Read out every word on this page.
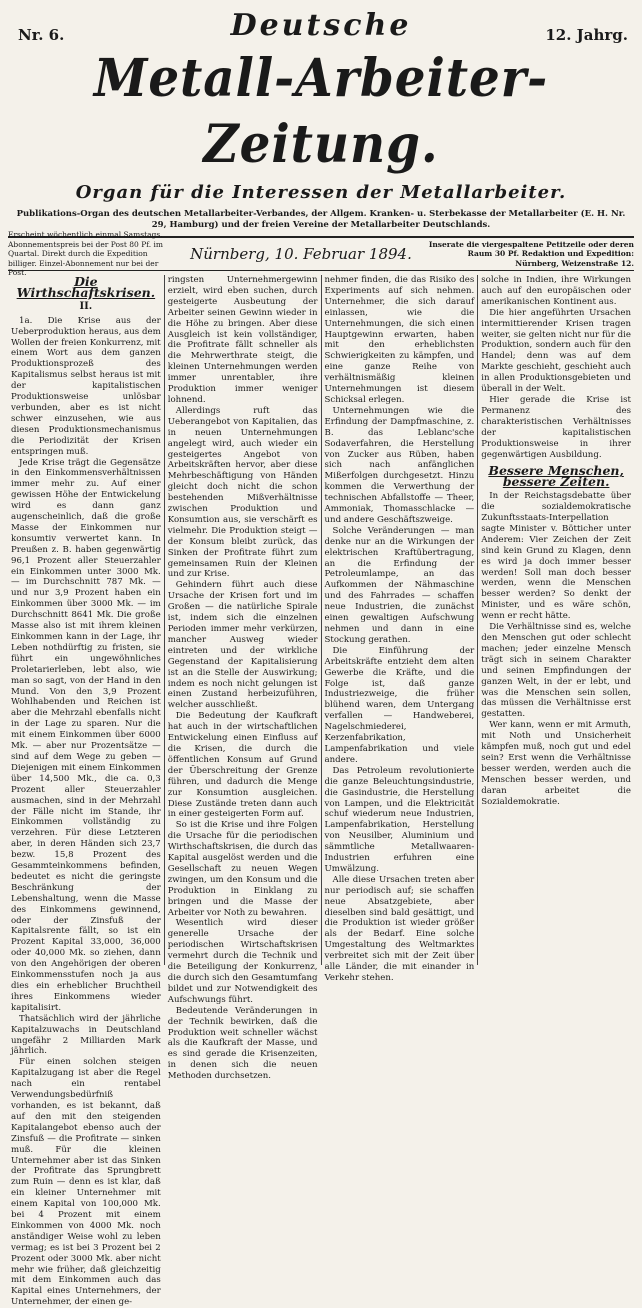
Nr. 6.	Deutsche	12. Jahrg.
Metall-Arbeiter-Zeitung.
Organ für die Interessen der Metallarbeiter.
Publikations-Organ des deutschen Metallarbeiter-Verbandes, der Allgem. Kranken- u. Sterbekasse der Metallarbeiter (E. H. Nr. 29, Hamburg) und der freien Vereine der Metallarbeiter Deutschlands.
Erscheint wöchentlich einmal Samstags. Abonnementspreis bei der Post 80 Pf. im Quartal. Direkt durch die Expedition billiger. Einzel-Abonnement nur bei der Post.
Nürnberg, 10. Februar 1894.
Inserate die viergespaltene Petitzeile oder deren Raum 30 Pf. Redaktion und Expedition: Nürnberg, Weizenstraße 12.
Die Wirthschaftskrisen.
II.

1a. Die Krise aus der Ueberproduktion heraus, aus dem Wollen der freien Konkurrenz, mit einem Wort aus dem ganzen Produktionsprozeß des Kapitalismus selbst heraus ist mit der kapitalistischen Produktionsweise unlösbar verbunden, aber es ist nicht schwer einzusehen, wie aus diesen Produktionsmechanismus die Periodizität der Krisen entspringen muß.

Jede Krise trägt die Gegensätze in den Einkommensverhältnissen immer mehr zu. Auf einer gewissen Höhe der Entwickelung wird es dann ganz augenscheinlich, daß die große Masse der Einkommen nur konsumtiv verwertet kann. In Preußen z. B. haben gegenwärtig 96,1 Prozent aller Steuerzahler ein Einkommen unter 3000 Mk. — im Durchschnitt 787 Mk. — und nur 3,9 Prozent haben ein Einkommen über 3000 Mk. — im Durchschnitt 8641 Mk. Die große Masse also ist mit ihrem kleinen Einkommen kann in der Lage, ihr Leben nothdürftig zu fristen, sie führt ein ungewöhnliches Proletarierleben, lebt also, wie man so sagt, von der Hand in den Mund. Von den 3,9 Prozent Wohlhabenden und Reichen ist aber die Mehrzahl ebenfalls nicht in der Lage zu sparen. Nur die mit einem Einkommen über 6000 Mk. — aber nur Prozentsätze — sind auf dem Wege zu geben — Diejenigen mit einem Einkommen über 14,500 Mk., die ca. 0,3 Prozent aller Steuerzahler ausmachen, sind in der Mehrzahl der Fälle nicht im Stande, ihr Einkommen vollständig zu verzehren. Für diese Letzteren aber, in deren Händen sich 23,7 bezw. 15,8 Prozent des Gesammteinkommens befinden, bedeutet es nicht die geringste Beschränkung der Lebenshaltung, wenn die Masse des Einkommens gewinnend, oder der Zinsfuß der Kapitalsrente fällt, so ist ein Prozent Kapital 33,000, 36,000 oder 40,000 Mk. so ziehen, dann von den Angehörigen der oberen Einkommensstufen noch ja aus dies ein erheblicher Bruchtheil ihres Einkommens wieder kapitalisirt.

Thatsächlich wird der jährliche Kapitalzuwachs in Deutschland ungefähr 2 Milliarden Mark jährlich.

Für einen solchen steigen Kapitalzugang ist aber die Regel nach ein rentabel Verwendungsbedürfniß vorhanden, es ist bekannt, daß auf den mit den steigenden Kapitalangebot ebenso auch der Zinsfuß — die Profitrate — sinken muß. Für die kleinen Unternehmer aber ist das Sinken der Profitrate das Sprungbrett zum Ruin — denn es ist klar, daß ein kleiner Unternehmer mit einem Kapital von 100,000 Mk. bei 4 Prozent mit einem Einkommen von 4000 Mk. noch anständiger Weise wohl zu leben vermag; es ist bei 3 Prozent bei 2 Prozent oder 3000 Mk. aber nicht mehr wie früher, daß gleichzeitig mit dem Einkommen auch das Kapital eines Unternehmers, der Unternehmer, der einen ge-

ringsten Unternehmergewinn erzielt, wird eben suchen, durch gesteigerte Ausbeutung der Arbeiter seinen Gewinn wieder in die Höhe zu bringen. Aber diese Ausgleich ist kein vollständiger, die Profitrate fällt schneller als die Mehrwerthrate steigt, die kleinen Unternehmungen werden immer unrentabler, ihre Produktion immer weniger lohnend.

Allerdings ruft das Ueberangebot von Kapitalien, das in neuen Unternehmungen angelegt wird, auch wieder ein gesteigertes Angebot von Arbeitskräften hervor, aber diese Mehrbeschäftigung von Händen gleicht doch nicht die schon bestehenden Mißverhältnisse zwischen Produktion und Konsumtion aus, sie verschärft es vielmehr. Die Produktion steigt — der Konsum bleibt zurück, das Sinken der Profitrate führt zum gemeinsamen Ruin der Kleinen und zur Krise.

Gehindern führt auch diese Ursache der Krisen fort und im Großen — die natürliche Spirale ist, indem sich die einzelnen Perioden immer mehr verkürzen, mancher Ausweg wieder eintreten und der wirkliche Gegenstand der Kapitalisierung ist an die Stelle der Auswirkung; indem es noch nicht gelungen ist einen Zustand herbeizuführen, welcher ausschließt.

Die Bedeutung der Kaufkraft hat auch in der wirtschaftlichen Entwickelung einen Einfluss auf die Krisen, die durch die öffentlichen Konsum auf Grund der Überschreitung der Grenze führen, und dadurch die Menge zur Konsumtion ausgleichen. Diese Zustände treten dann auch in einer gesteigerten Form auf.

So ist die Krise und ihre Folgen die Ursache für die periodischen Wirthschaftskrisen, die durch das Kapital ausgelöst werden und die Gesellschaft zu neuen Wegen zwingen, um den Konsum und die Produktion in Einklang zu bringen und die Masse der Arbeiter vor Noth zu bewahren.

Wesentlich wird dieser generelle Ursache der periodischen Wirtschaftskrisen vermehrt durch die Technik und die Beteiligung der Konkurrenz, die durch sich den Gesamtumfang bildet und zur Notwendigkeit des Aufschwungs führt.

Bedeutende Veränderungen in der Technik bewirken, daß die Produktion weit schneller wächst als die Kaufkraft der Masse, und es sind gerade die Krisenzeiten, in denen sich die neuen Methoden durchsetzen.

nehmer finden, die das Risiko des Experiments auf sich nehmen. Unternehmer, die sich darauf einlassen, wie die Unternehmungen, die sich einen Hauptgewinn erwarten, haben mit den erheblichsten Schwierigkeiten zu kämpfen, und eine ganze Reihe von verhältnismäßig kleinen Unternehmungen ist diesem Schicksal erlegen.

Unternehmungen wie die Erfindung der Dampfmaschine, z. B. das Leblanc'sche Sodaverfahren, die Herstellung von Zucker aus Rüben, haben sich nach anfänglichen Mißerfolgen durchgesetzt. Hinzu kommen die Verwerthung der technischen Abfallstoffe — Theer, Ammoniak, Thomasschlacke — und andere Geschäftszweige.

Solche Veränderungen — man denke nur an die Wirkungen der elektrischen Kraftübertragung, an die Erfindung der Petroleumlampe, an das Aufkommen der Nähmaschine und des Fahrrades — schaffen neue Industrien, die zunächst einen gewaltigen Aufschwung nehmen und dann in eine Stockung gerathen.

Die Einführung der Arbeitskräfte entzieht dem alten Gewerbe die Kräfte, und die Folge ist, daß ganze Industriezweige, die früher blühend waren, dem Untergang verfallen — Handweberei, Nagelschmiederei, Kerzenfabrikation, Lampenfabrikation und viele andere.

Das Petroleum revolutionierte die ganze Beleuchtungsindustrie, die Gasindustrie, die Herstellung von Lampen, und die Elektricität schuf wiederum neue Industrien, Lampenfabrikation, Herstellung von Neusilber, Aluminium und sämmtliche Metallwaaren-Industrien erfuhren eine Umwälzung.

Alle diese Ursachen treten aber nur periodisch auf; sie schaffen neue Absatzgebiete, aber dieselben sind bald gesättigt, und die Produktion ist wieder größer als der Bedarf. Eine solche Umgestaltung des Weltmarktes verbreitet sich mit der Zeit über alle Länder, die mit einander in Verkehr stehen.

solche in Indien, ihre Wirkungen auch auf den europäischen oder amerikanischen Kontinent aus.

Die hier angeführten Ursachen intermittierender Krisen tragen weiter, sie gelten nicht nur für die Produktion, sondern auch für den Handel; denn was auf dem Markte geschieht, geschieht auch in allen Produktionsgebieten und überall in der Welt.

Hier gerade die Krise ist Permanenz des charakteristischen Verhältnisses der kapitalistischen Produktionsweise in ihrer gegenwärtigen Ausbildung.

Bessere Menschen, bessere Zeiten.

In der Reichstagsdebatte über die sozialdemokratische Zukunftsstaats-Interpellation sagte Minister v. Bötticher unter Anderem: Vier Zeichen der Zeit sind kein Grund zu Klagen, denn es wird ja doch immer besser werden! Soll man doch besser werden, wenn die Menschen besser werden? So denkt der Minister, und es wäre schön, wenn er recht hätte.

Die Verhältnisse sind es, welche den Menschen gut oder schlecht machen; jeder einzelne Mensch trägt sich in seinem Charakter und seinen Empfindungen der ganzen Welt, in der er lebt, und was die Menschen sein sollen, das müssen die Verhältnisse erst gestatten.

Wer kann, wenn er mit Armuth, mit Noth und Unsicherheit kämpfen muß, noch gut und edel sein? Erst wenn die Verhältnisse besser werden, werden auch die Menschen besser werden, und daran arbeitet die Sozialdemokratie.
